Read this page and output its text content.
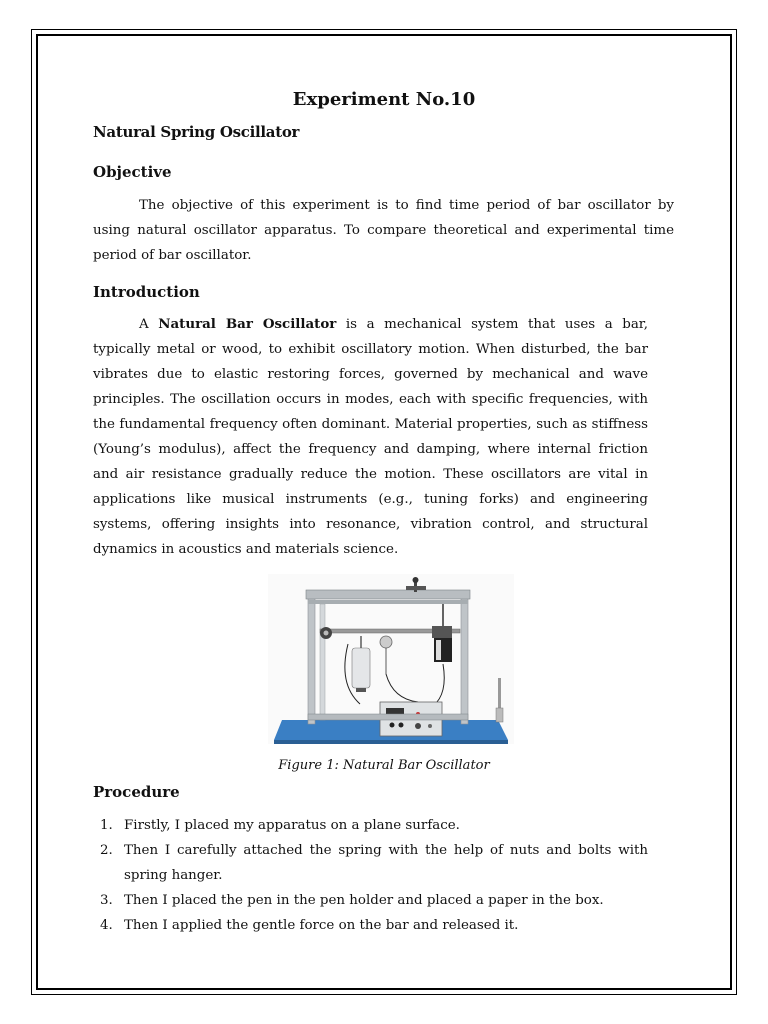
Experiment No.10
Natural Spring Oscillator
Objective
The objective of this experiment is to find time period of bar oscillator by using natural oscillator apparatus. To compare theoretical and experimental time period of bar oscillator.
Introduction
A Natural Bar Oscillator is a mechanical system that uses a bar, typically metal or wood, to exhibit oscillatory motion. When disturbed, the bar vibrates due to elastic restoring forces, governed by mechanical and wave principles. The oscillation occurs in modes, each with specific frequencies, with the fundamental frequency often dominant. Material properties, such as stiffness (Young’s modulus), affect the frequency and damping, where internal friction and air resistance gradually reduce the motion. These oscillators are vital in applications like musical instruments (e.g., tuning forks) and engineering systems, offering insights into resonance, vibration control, and structural dynamics in acoustics and materials science.
Figure 1: Natural Bar Oscillator
Procedure
1. Firstly, I placed my apparatus on a plane surface.
2. Then I carefully attached the spring with the help of nuts and bolts with spring hanger.
3. Then I placed the pen in the pen holder and placed a paper in the box.
4. Then I applied the gentle force on the bar and released it.
